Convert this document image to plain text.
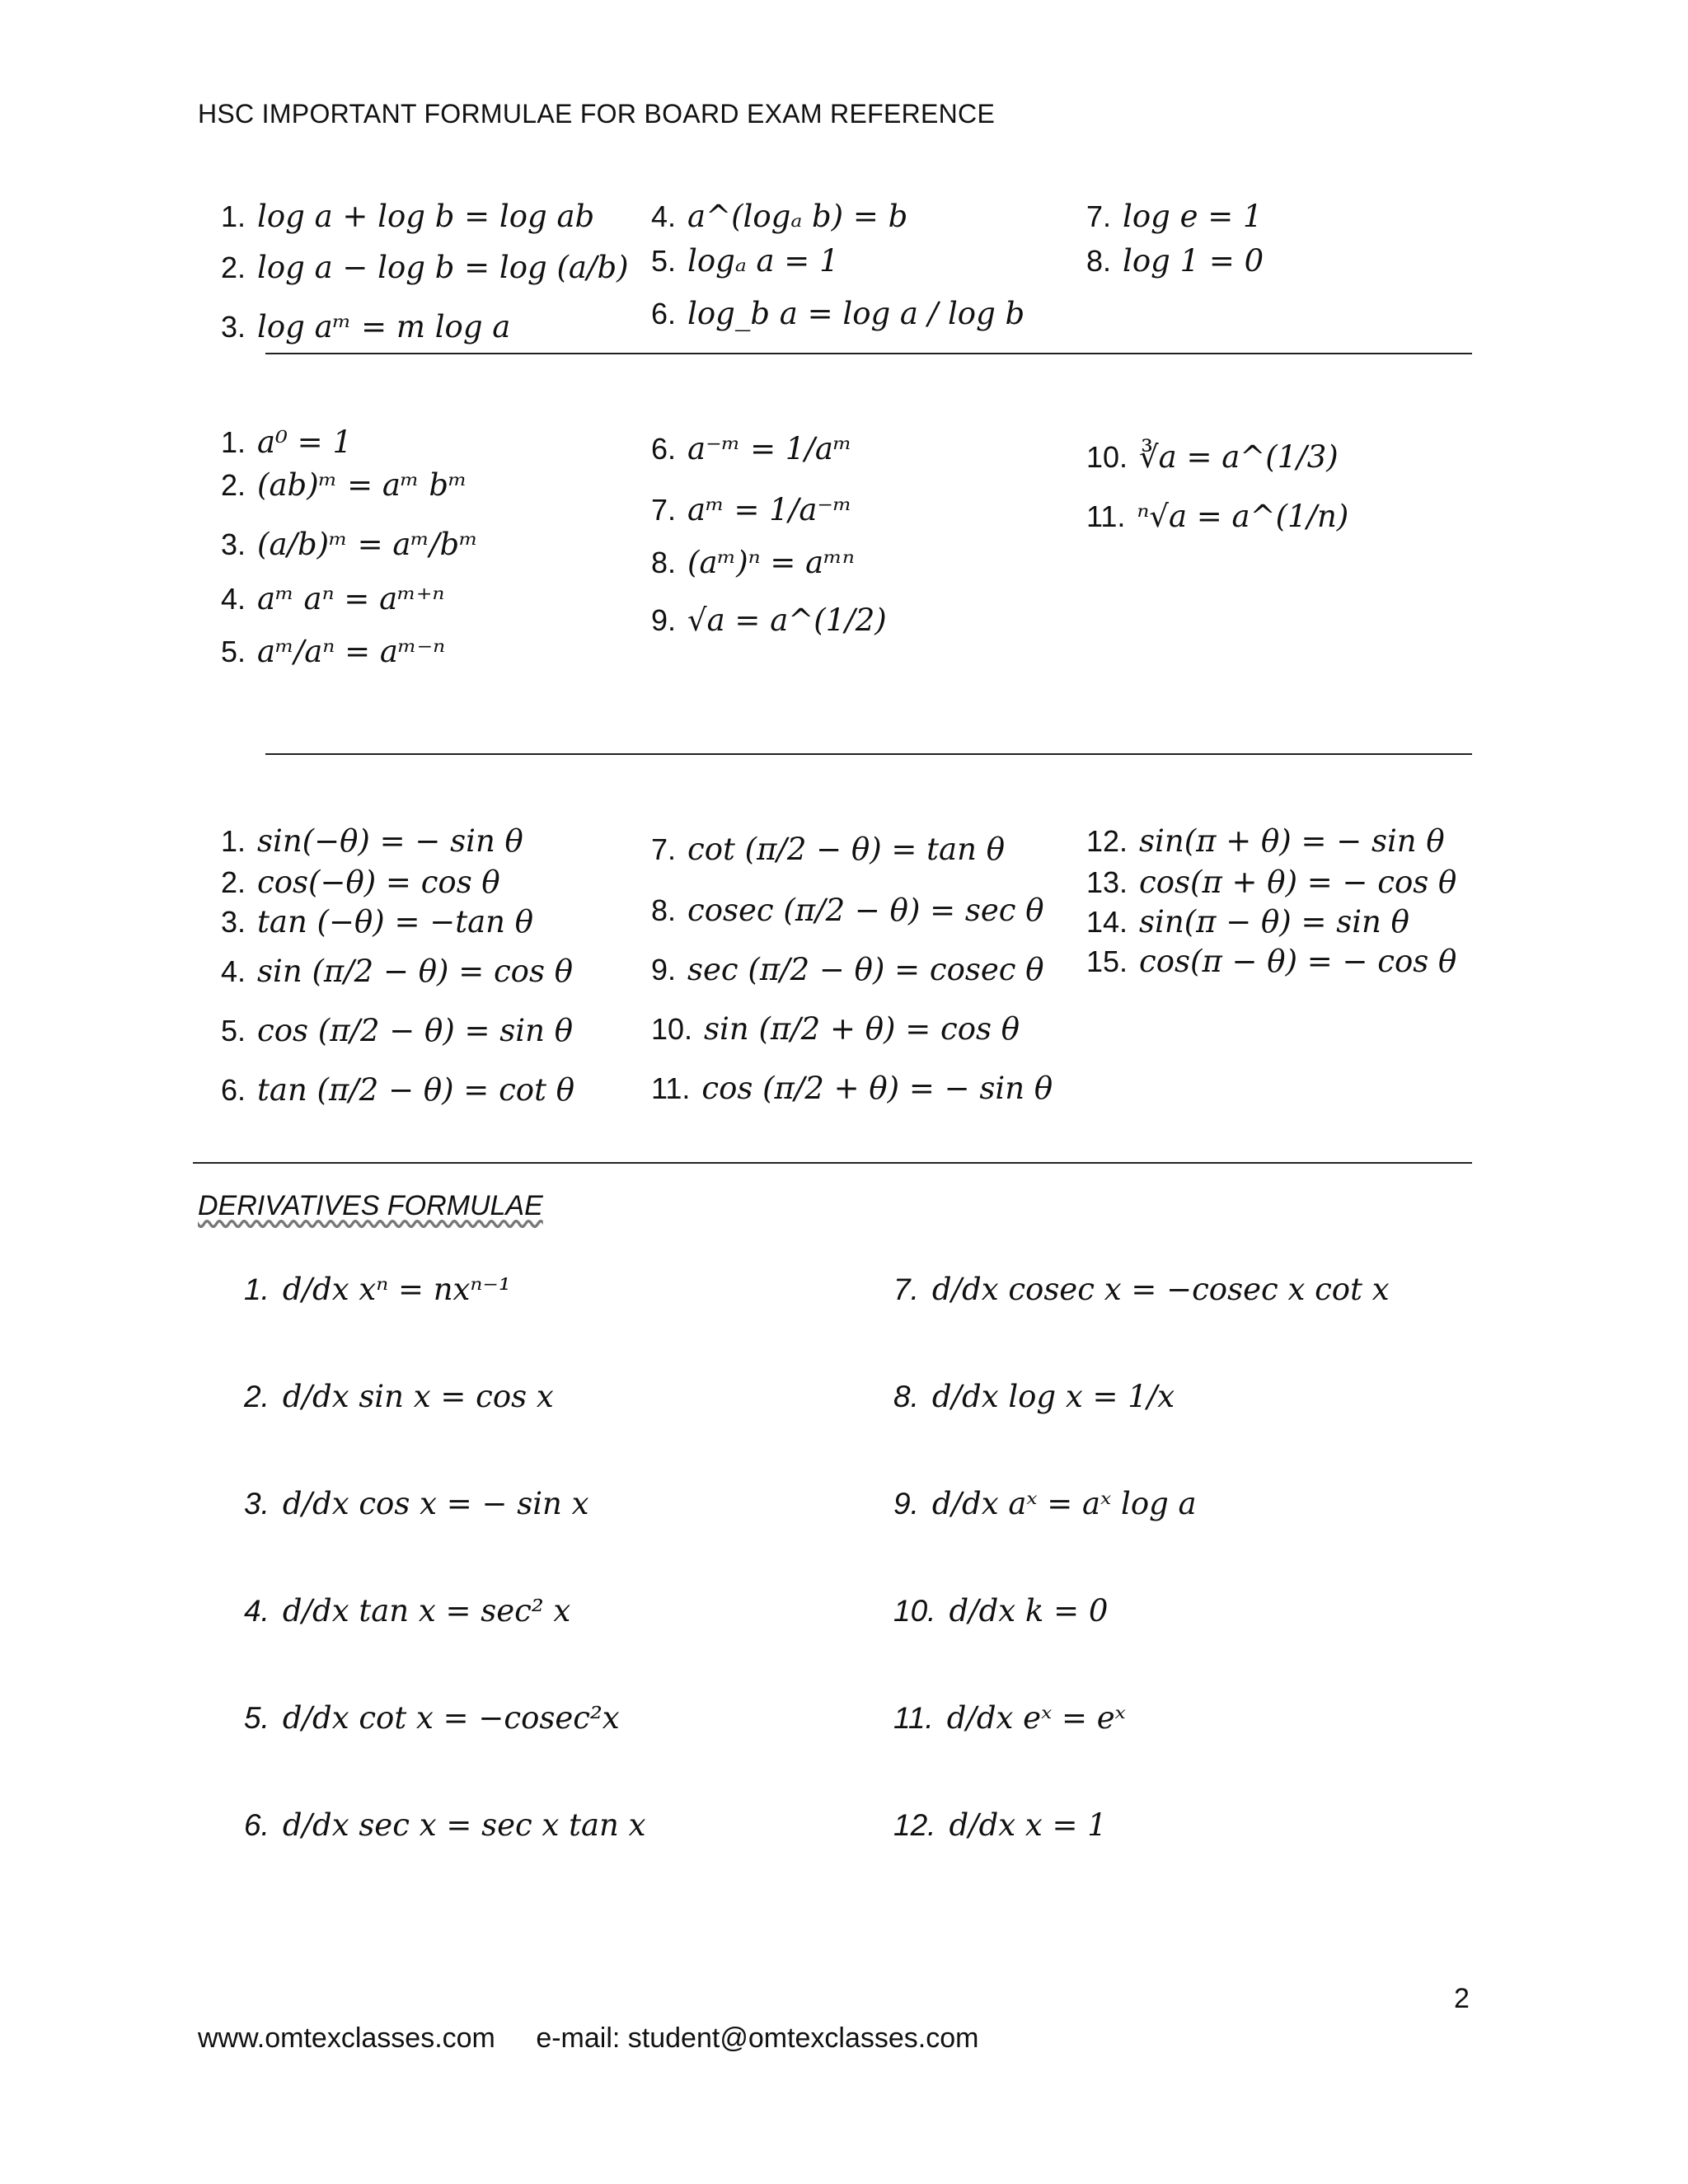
HSC IMPORTANT FORMULAE FOR BOARD EXAM REFERENCE
1. log a + log b = log ab
2. log a − log b = log (a/b)
3. log aᵐ = m log a
4. a^(logₐ b) = b
5. logₐ a = 1
6. log_b a = log a / log b
7. log e = 1
8. log 1 = 0
1. a⁰ = 1
2. (ab)ᵐ = aᵐ bᵐ
3. (a/b)ᵐ = aᵐ/bᵐ
4. aᵐ aⁿ = aᵐ⁺ⁿ
5. aᵐ/aⁿ = aᵐ⁻ⁿ
6. a⁻ᵐ = 1/aᵐ
7. aᵐ = 1/a⁻ᵐ
8. (aᵐ)ⁿ = aᵐⁿ
9. √a = a^(1/2)
10. ∛a = a^(1/3)
11. ⁿ√a = a^(1/n)
1. sin(−θ) = − sin θ
2. cos(−θ) = cos θ
3. tan (−θ) = −tan θ
4. sin (π/2 − θ) = cos θ
5. cos (π/2 − θ) = sin θ
6. tan (π/2 − θ) = cot θ
7. cot (π/2 − θ) = tan θ
8. cosec (π/2 − θ) = sec θ
9. sec (π/2 − θ) = cosec θ
10. sin (π/2 + θ) = cos θ
11. cos (π/2 + θ) = − sin θ
12. sin(π + θ) = − sin θ
13. cos(π + θ) = − cos θ
14. sin(π − θ) = sin θ
15. cos(π − θ) = − cos θ
DERIVATIVES FORMULAE
1. d/dx xⁿ = nxⁿ⁻¹
2. d/dx sin x = cos x
3. d/dx cos x = − sin x
4. d/dx tan x = sec² x
5. d/dx cot x = −cosec²x
6. d/dx sec x = sec x tan x
7. d/dx cosec x = −cosec x cot x
8. d/dx log x = 1/x
9. d/dx aˣ = aˣ log a
10. d/dx k = 0
11. d/dx eˣ = eˣ
12. d/dx x = 1
2
www.omtexclasses.com e-mail: student@omtexclasses.com
